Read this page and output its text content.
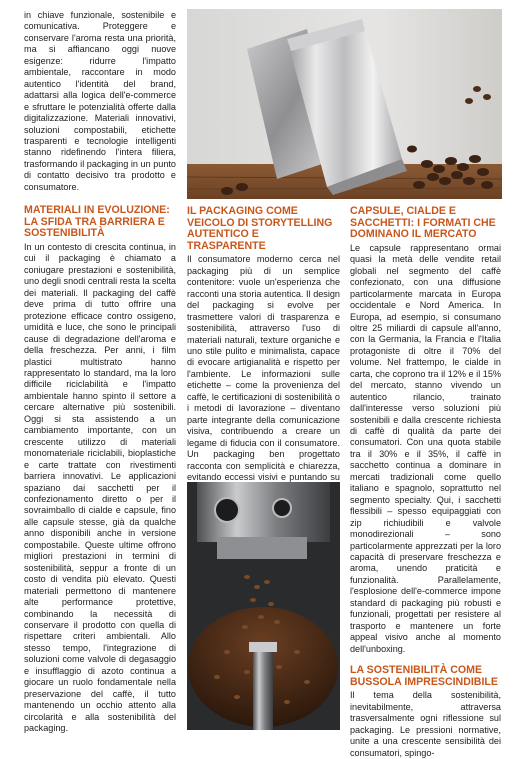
in chiave funzionale, sostenibile e comunicativa. Proteggere e conservare l'aroma resta una priorità, ma si affiancano oggi nuove esigenze: ridurre l'impatto ambientale, raccontare in modo autentico l'identità del brand, adattarsi alla logica dell'e-commerce e sfruttare le potenzialità offerte dalla digitalizzazione. Materiali innovativi, soluzioni compostabili, etichette trasparenti e tecnologie intelligenti stanno ridefinendo l'intera filiera, trasformando il packaging in un punto di contatto decisivo tra prodotto e consumatore.

MATERIALI IN EVOLUZIONE: LA SFIDA TRA BARRIERA E SOSTENIBILITÀ

In un contesto di crescita continua, in cui il packaging è chiamato a coniugare prestazioni e sostenibilità, uno degli snodi centrali resta la scelta dei materiali. Il packaging del caffè deve prima di tutto offrire una protezione efficace contro ossigeno, umidità e luce, che sono le principali cause di degradazione dell'aroma e della freschezza. Per anni, i film plastici multistrato hanno rappresentato lo standard, ma la loro difficile riciclabilità e l'impatto ambientale hanno spinto il settore a cercare alternative più sostenibili. Oggi si sta assistendo a un cambiamento importante, con un crescente utilizzo di materiali monomateriale riciclabili, bioplastiche e carte trattate con rivestimenti barriera innovativi. Le applicazioni spaziano dai sacchetti per il confezionamento diretto o per il sovraimballo di cialde e capsule, fino alle capsule stesse, già da qualche anno disponibili anche in versione compostabile. Queste ultime offrono migliori prestazioni in termini di sostenibilità, seppur a fronte di un costo di vendita più elevato. Questi materiali permettono di mantenere alte performance protettive, combinando la necessità di conservare il prodotto con quella di rispettare criteri ambientali. Allo stesso tempo, l'integrazione di soluzioni come valvole di degasaggio e insufflaggio di azoto continua a giocare un ruolo fondamentale nella preservazione del caffè, il tutto mantenendo un occhio attento alla circolarità e alla sostenibilità del packaging.

IL PACKAGING COME VEICOLO DI STORYTELLING AUTENTICO E TRASPARENTE

Il consumatore moderno cerca nel packaging più di un semplice contenitore: vuole un'esperienza che racconti una storia autentica. Il design del packaging si evolve per trasmettere valori di trasparenza e sostenibilità, attraverso l'uso di materiali naturali, texture organiche e uno stile pulito e minimalista, capace di evocare artigianalità e rispetto per l'ambiente. Le informazioni sulle etichette – come la provenienza del caffè, le certificazioni di sostenibilità o i metodi di lavorazione – diventano parte integrante della comunicazione visiva, contribuendo a creare un legame di fiducia con il consumatore. Un packaging ben progettato racconta con semplicità e chiarezza, evitando eccessi visivi e puntando su

CAPSULE, CIALDE E SACCHETTI: I FORMATI CHE DOMINANO IL MERCATO

Le capsule rappresentano ormai quasi la metà delle vendite retail globali nel segmento del caffè confezionato, con una diffusione particolarmente marcata in Europa occidentale e Nord America. In Europa, ad esempio, si consumano oltre 25 miliardi di capsule all'anno, con la Germania, la Francia e l'Italia protagoniste di oltre il 70% del volume. Nel frattempo, le cialde in carta, che coprono tra il 12% e il 15% del mercato, stanno vivendo un autentico rilancio, trainato dall'interesse verso soluzioni più sostenibili e dalla crescente richiesta di caffè di qualità da parte dei consumatori. Con una quota stabile tra il 30% e il 35%, il caffè in sacchetto continua a dominare in mercati tradizionali come quello italiano e spagnolo, soprattutto nel segmento specialty. Qui, i sacchetti flessibili – spesso equipaggiati con zip richiudibili e valvole monodirezionali – sono particolarmente apprezzati per la loro capacità di preservare freschezza e aroma, unendo praticità e funzionalità. Parallelamente, l'esplosione dell'e-commerce impone standard di packaging più robusti e funzionali, progettati per resistere al trasporto e mantenere un forte appeal visivo anche al momento dell'unboxing.

LA SOSTENIBILITÀ COME BUSSOLA IMPRESCINDIBILE

Il tema della sostenibilità, inevitabilmente, attraversa trasversalmente ogni riflessione sul packaging. Le pressioni normative, unite a una crescente sensibilità dei consumatori, spingo-
